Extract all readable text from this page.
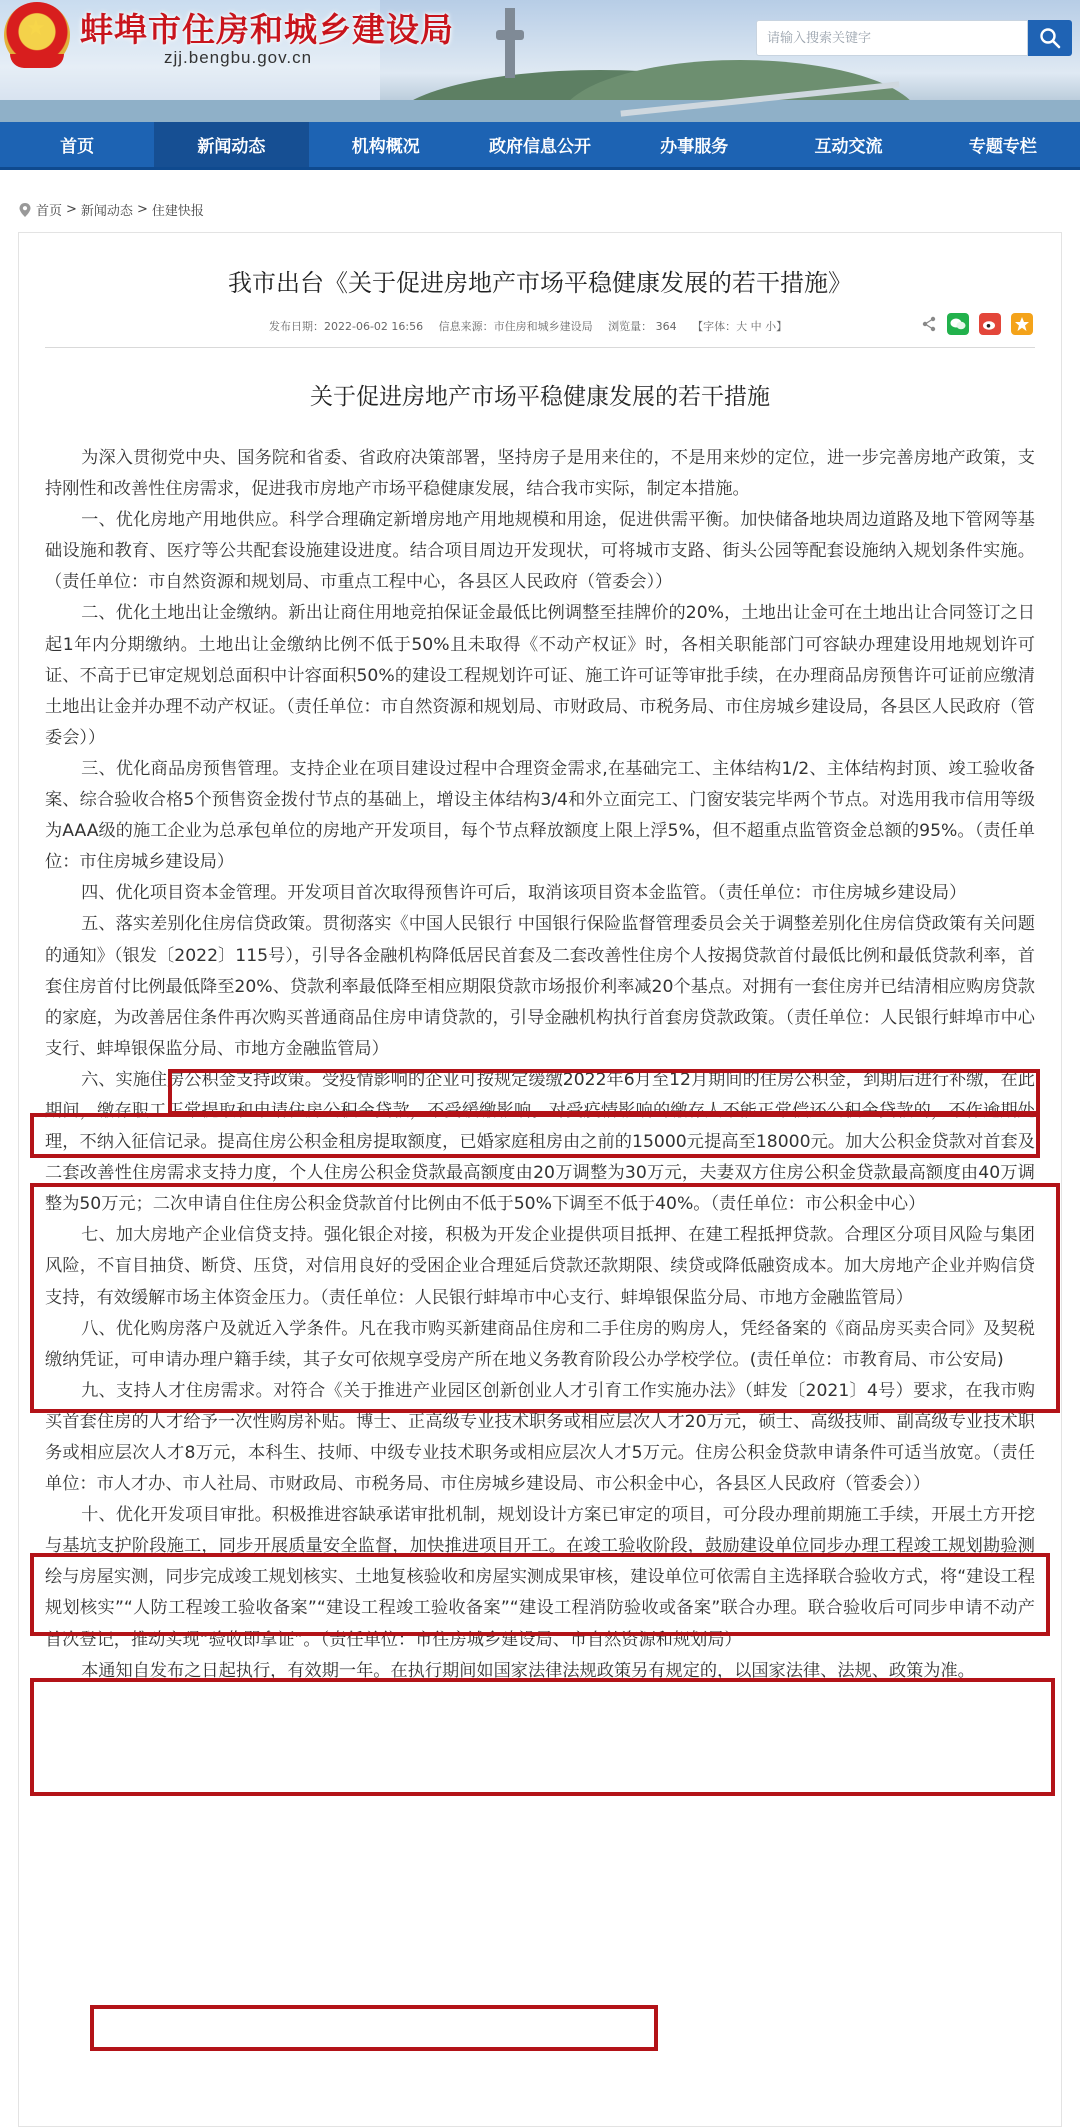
★ 蚌埠市住房和城乡建设局
zjj.bengbu.gov.cn
请输入搜索关键字
首页	新闻动态	机构概况	政府信息公开	办事服务	互动交流	专题专栏
首页 > 新闻动态 > 住建快报
我市出台《关于促进房地产市场平稳健康发展的若干措施》
发布日期：2022-06-02 16:56 信息来源：市住房和城乡建设局 浏览量： 364 【字体：大 中 小】
关于促进房地产市场平稳健康发展的若干措施

为深入贯彻党中央、国务院和省委、省政府决策部署，坚持房子是用来住的，不是用来炒的定位，进一步完善房地产政策，支持刚性和改善性住房需求，促进我市房地产市场平稳健康发展，结合我市实际，制定本措施。

一、优化房地产用地供应。科学合理确定新增房地产用地规模和用途，促进供需平衡。加快储备地块周边道路及地下管网等基础设施和教育、医疗等公共配套设施建设进度。结合项目周边开发现状，可将城市支路、街头公园等配套设施纳入规划条件实施。（责任单位：市自然资源和规划局、市重点工程中心，各县区人民政府（管委会））

二、优化土地出让金缴纳。新出让商住用地竞拍保证金最低比例调整至挂牌价的20%，土地出让金可在土地出让合同签订之日起1年内分期缴纳。土地出让金缴纳比例不低于50%且未取得《不动产权证》时，各相关职能部门可容缺办理建设用地规划许可证、不高于已审定规划总面积中计容面积50%的建设工程规划许可证、施工许可证等审批手续，在办理商品房预售许可证前应缴清土地出让金并办理不动产权证。（责任单位：市自然资源和规划局、市财政局、市税务局、市住房城乡建设局，各县区人民政府（管委会））

三、优化商品房预售管理。支持企业在项目建设过程中合理资金需求,在基础完工、主体结构1/2、主体结构封顶、竣工验收备案、综合验收合格5个预售资金拨付节点的基础上，增设主体结构3/4和外立面完工、门窗安装完毕两个节点。对选用我市信用等级为AAA级的施工企业为总承包单位的房地产开发项目，每个节点释放额度上限上浮5%，但不超重点监管资金总额的95%。（责任单位：市住房城乡建设局）

四、优化项目资本金管理。开发项目首次取得预售许可后，取消该项目资本金监管。（责任单位：市住房城乡建设局）

五、落实差别化住房信贷政策。贯彻落实《中国人民银行 中国银行保险监督管理委员会关于调整差别化住房信贷政策有关问题的通知》（银发〔2022〕115号），引导各金融机构降低居民首套及二套改善性住房个人按揭贷款首付最低比例和最低贷款利率，首套住房首付比例最低降至20%、贷款利率最低降至相应期限贷款市场报价利率减20个基点。对拥有一套住房并已结清相应购房贷款的家庭，为改善居住条件再次购买普通商品住房申请贷款的，引导金融机构执行首套房贷款政策。（责任单位：人民银行蚌埠市中心支行、蚌埠银保监分局、市地方金融监管局）

六、实施住房公积金支持政策。受疫情影响的企业可按规定缓缴2022年6月至12月期间的住房公积金，到期后进行补缴，在此期间，缴存职工正常提取和申请住房公积金贷款，不受缓缴影响。对受疫情影响的缴存人不能正常偿还公积金贷款的，不作逾期处理，不纳入征信记录。提高住房公积金租房提取额度，已婚家庭租房由之前的15000元提高至18000元。加大公积金贷款对首套及二套改善性住房需求支持力度，个人住房公积金贷款最高额度由20万调整为30万元，夫妻双方住房公积金贷款最高额度由40万调整为50万元；二次申请自住住房公积金贷款首付比例由不低于50%下调至不低于40%。（责任单位：市公积金中心）

七、加大房地产企业信贷支持。强化银企对接，积极为开发企业提供项目抵押、在建工程抵押贷款。合理区分项目风险与集团风险，不盲目抽贷、断贷、压贷，对信用良好的受困企业合理延后贷款还款期限、续贷或降低融资成本。加大房地产企业并购信贷支持，有效缓解市场主体资金压力。（责任单位：人民银行蚌埠市中心支行、蚌埠银保监分局、市地方金融监管局）

八、优化购房落户及就近入学条件。凡在我市购买新建商品住房和二手住房的购房人，凭经备案的《商品房买卖合同》及契税缴纳凭证，可申请办理户籍手续，其子女可依规享受房产所在地义务教育阶段公办学校学位。(责任单位：市教育局、市公安局)

九、支持人才住房需求。对符合《关于推进产业园区创新创业人才引育工作实施办法》（蚌发〔2021〕4号）要求，在我市购买首套住房的人才给予一次性购房补贴。博士、正高级专业技术职务或相应层次人才20万元，硕士、高级技师、副高级专业技术职务或相应层次人才8万元，本科生、技师、中级专业技术职务或相应层次人才5万元。住房公积金贷款申请条件可适当放宽。（责任单位：市人才办、市人社局、市财政局、市税务局、市住房城乡建设局、市公积金中心，各县区人民政府（管委会））

十、优化开发项目审批。积极推进容缺承诺审批机制，规划设计方案已审定的项目，可分段办理前期施工手续，开展土方开挖与基坑支护阶段施工，同步开展质量安全监督，加快推进项目开工。在竣工验收阶段，鼓励建设单位同步办理工程竣工规划勘验测绘与房屋实测，同步完成竣工规划核实、土地复核验收和房屋实测成果审核，建设单位可依需自主选择联合验收方式，将“建设工程规划核实”“人防工程竣工验收备案”“建设工程竣工验收备案”“建设工程消防验收或备案”联合办理。联合验收后可同步申请不动产首次登记，推动实现“验收即拿证”。（责任单位：市住房城乡建设局、市自然资源和规划局）

本通知自发布之日起执行，有效期一年。在执行期间如国家法律法规政策另有规定的，以国家法律、法规、政策为准。
